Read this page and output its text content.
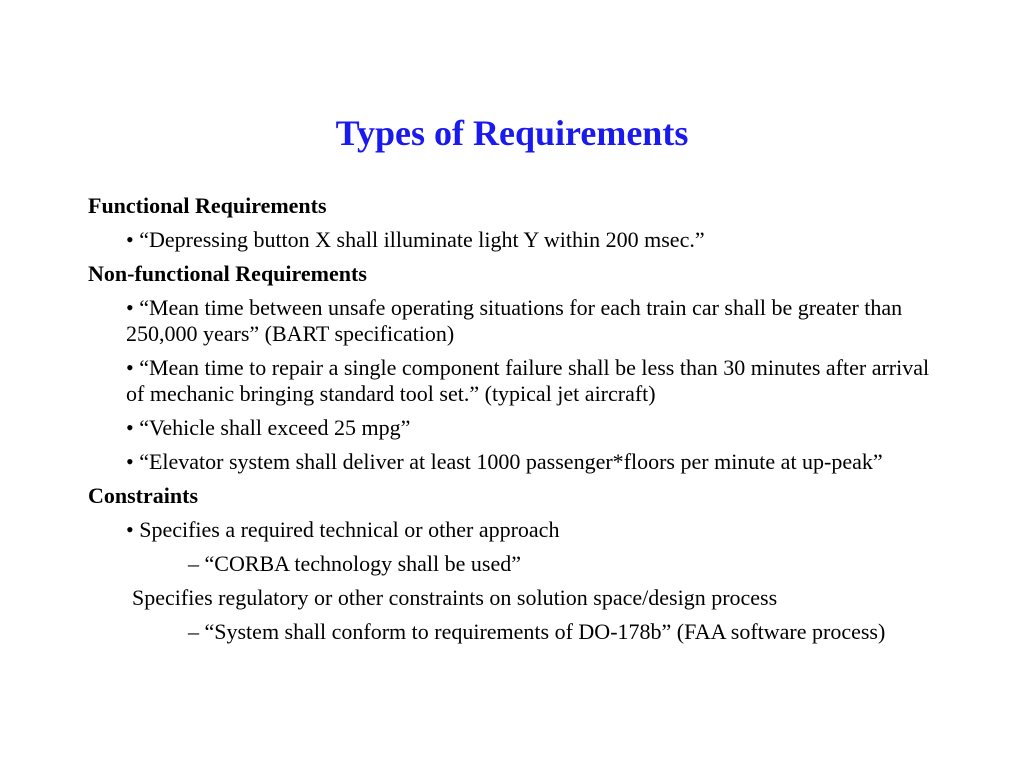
Types of Requirements
Functional Requirements
• “Depressing button X shall illuminate light Y within 200 msec.”
Non-functional Requirements
• “Mean time between unsafe operating situations for each train car shall be greater than 250,000 years” (BART specification)
• “Mean time to repair a single component failure shall be less than 30 minutes after arrival of mechanic bringing standard tool set.” (typical jet aircraft)
• “Vehicle shall exceed 25 mpg”
• “Elevator system shall deliver at least 1000 passenger*floors per minute at up-peak”
Constraints
• Specifies a required technical or other approach
– “CORBA technology shall be used”
Specifies regulatory or other constraints on solution space/design process
– “System shall conform to requirements of DO-178b” (FAA software process)
